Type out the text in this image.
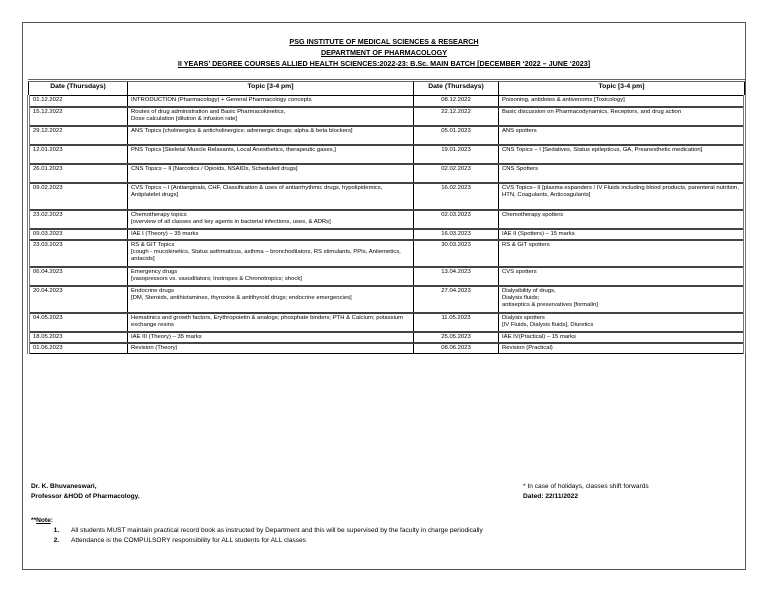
PSG INSTITUTE OF MEDICAL SCIENCES & RESEARCH
DEPARTMENT OF PHARMACOLOGY
II YEARS’ DEGREE COURSES ALLIED HEALTH SCIENCES:2022-23: B.Sc. MAIN BATCH [DECEMBER ‘2022 – JUNE ‘2023]
Date (Thursdays)	Topic [3-4 pm]	Date (Thursdays)	Topic [3-4 pm]
01.12.2022	INTRODUCTION (Pharmacology) + General Pharmacology concepts	08.12.2022	Poisoning, antidotes & antivenoms [Toxicology]
15.12.2022	Routes of drug administration and Basic Pharmacokinetics,
Dose calculation [dilution & infusion rate]	22.12.2022	Basic discussion on Pharmacodynamics, Receptors, and drug action
29.12.2022	ANS Topics [cholinergics & anticholinergics; adrenergic drugs; alpha & beta blockers]	05.01.2023	ANS spotters
12.01.2023	PNS Topics [Skeletal Muscle Relaxants, Local Anesthetics, therapeutic gases,]	19.01.2023	CNS Topics – I [Sedatives, Status epilepticus, GA, Preanesthetic medication]
26.01.2023	CNS Topics – II [Narcotics / Opioids, NSAIDs, Scheduled drugs]	02.02.2023	CNS Spotters
09.02.2023	CVS Topics – I [Antianginals, CHF, Classification & uses of antiarrhythmic drugs, hypolipidemics, Antiplatelet drugs]	16.02.2023	CVS Topics– II [plasma expanders / IV Fluids including blood products, parenteral nutrition, HTN, Coagulants, Anticoagulants]
23.02.2023	Chemotherapy topics
[overview of all classes and key agents in bacterial infections, uses, & ADRs]	02.03.2023	Chemotherapy spotters
09.03.2023	IAE I (Theory) – 35 marks	16.03.2023	IAE II (Spotters) – 15 marks
23.03.2023	RS & GIT Topics
[cough - mucokinetics, Status asthmaticus, asthma – bronchodilators, RS stimulants, PPIs, Antiemetics, antacids]	30.03.2023	RS & GIT spotters
06.04.2023	Emergency drugs
[vasopressors vs. vasodilators; Inotropes & Chronotropics; shock]	13.04.2023	CVS spotters
20.04.2023	Endocrine drugs
[DM, Steroids, antihistamines, thyroxine & antithyroid drugs; endocrine emergencies]	27.04.2023	Dialysibility of drugs,
Dialysis fluids;
antiseptics & preservatives [formalin]
04.05.2023	Hematinics and growth factors, Erythropoietin & analogs; phosphate binders; PTH & Calcium; potassium exchange resins	11.05.2023	Dialysis spotters
[IV Fluids, Dialysis fluids], Diuretics
18.05.2023	IAE III (Theory) – 35 marks	25.05.2023	IAE IV(Practical) – 15 marks
01.06.2023	Revision (Theory)	08.06.2023	Revision (Practical)
Dr. K. Bhuvaneswari,
Professor &HOD of Pharmacology.
* In case of holidays, classes shift forwards
Dated: 22/11/2022
**Note:
1. All students MUST maintain practical record book as instructed by Department and this will be supervised by the faculty in charge periodically
2. Attendance is the COMPULSORY responsibility for ALL students for ALL classes
